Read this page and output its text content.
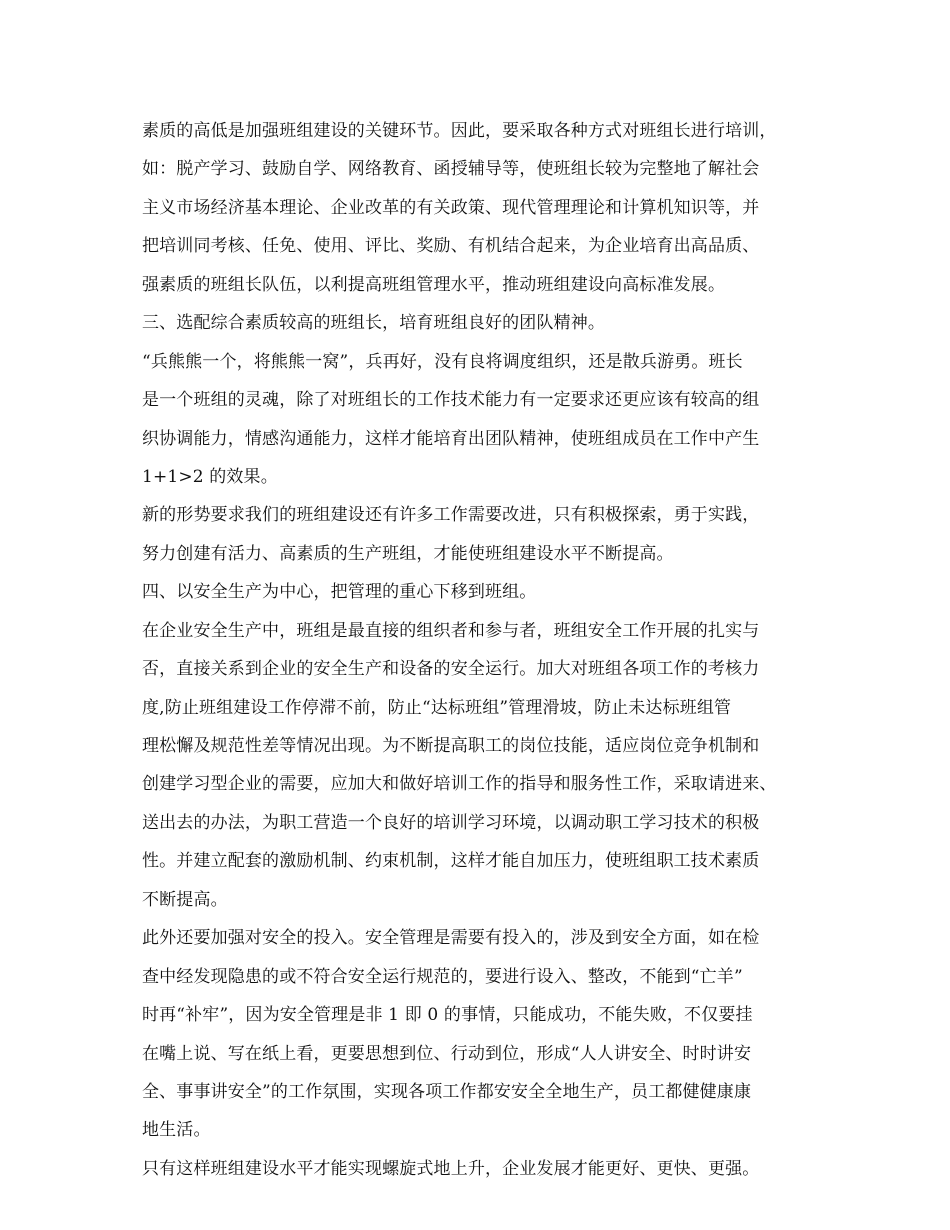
素质的高低是加强班组建设的关键环节。因此，要采取各种方式对班组长进行培训，
如：脱产学习、鼓励自学、网络教育、函授辅导等，使班组长较为完整地了解社会
主义市场经济基本理论、企业改革的有关政策、现代管理理论和计算机知识等，并
把培训同考核、任免、使用、评比、奖励、有机结合起来，为企业培育出高品质、
强素质的班组长队伍，以利提高班组管理水平，推动班组建设向高标准发展。
三、选配综合素质较高的班组长，培育班组良好的团队精神。
“兵熊熊一个，将熊熊一窝”，兵再好，没有良将调度组织，还是散兵游勇。班长
是一个班组的灵魂，除了对班组长的工作技术能力有一定要求还更应该有较高的组
织协调能力，情感沟通能力，这样才能培育出团队精神，使班组成员在工作中产生
1+1>2 的效果。
新的形势要求我们的班组建设还有许多工作需要改进，只有积极探索，勇于实践，
努力创建有活力、高素质的生产班组，才能使班组建设水平不断提高。
四、以安全生产为中心，把管理的重心下移到班组。
在企业安全生产中，班组是最直接的组织者和参与者，班组安全工作开展的扎实与
否，直接关系到企业的安全生产和设备的安全运行。加大对班组各项工作的考核力
度,防止班组建设工作停滞不前，防止“达标班组”管理滑坡，防止未达标班组管
理松懈及规范性差等情况出现。为不断提高职工的岗位技能，适应岗位竞争机制和
创建学习型企业的需要，应加大和做好培训工作的指导和服务性工作，采取请进来、
送出去的办法，为职工营造一个良好的培训学习环境，以调动职工学习技术的积极
性。并建立配套的激励机制、约束机制，这样才能自加压力，使班组职工技术素质
不断提高。
此外还要加强对安全的投入。安全管理是需要有投入的，涉及到安全方面，如在检
查中经发现隐患的或不符合安全运行规范的，要进行设入、整改，不能到“亡羊”
时再“补牢”，因为安全管理是非 1 即 0 的事情，只能成功，不能失败，不仅要挂
在嘴上说、写在纸上看，更要思想到位、行动到位，形成“人人讲安全、时时讲安
全、事事讲安全”的工作氛围，实现各项工作都安安全全地生产，员工都健健康康
地生活。
只有这样班组建设水平才能实现螺旋式地上升，企业发展才能更好、更快、更强。
